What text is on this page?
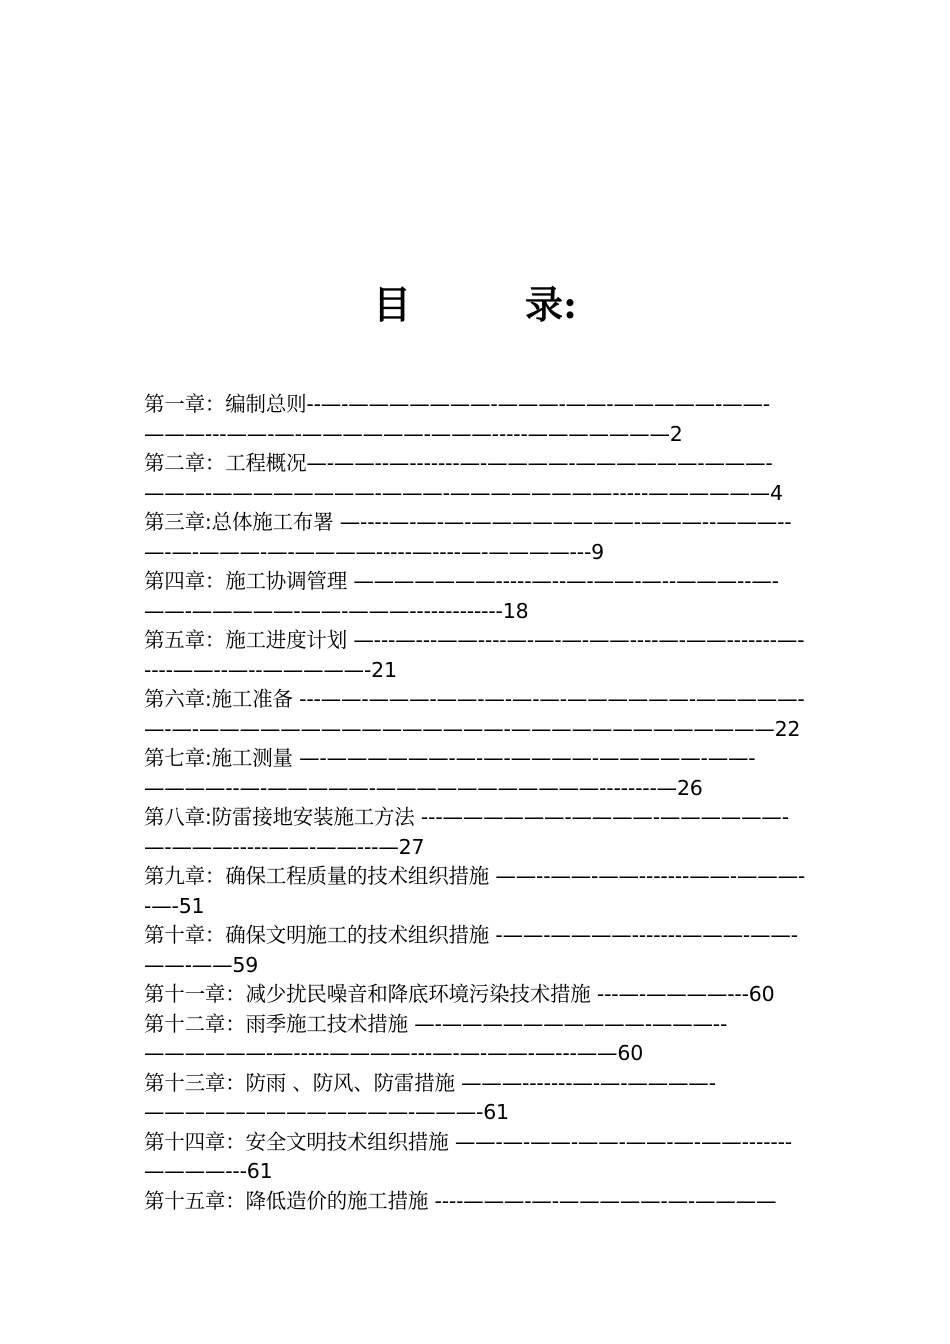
目　　　录:
第一章：编制总则--—-———————-———-——-—————-——-———---——-—-——————-———-----———————2
第二章：工程概况—-——--—-------—-————-——————-———-———-————————-———-————————-----——————4
第三章:总体施工布署 —----—-—-—-————————-———--———--—-—-———-—-————-----—----—-————---9
第四章：施工协调管理 ———————-----—--—-——-—--———--—-——-—————-——-———-------------18
第五章：施工进度计划 —---—---——----—-—-—-——----—-——-------—-----——--—--—————-21
第六章:施工准备 ---——-———-——-—-—-—-——————-—————-—-—-———————————————-—————————————22
第七章:施工测量 —-——————-—-—-————-—————-——-————--—-—————-———————————--------—26
第八章:防雷接地安装施工方法 ---——————-————-——————-—-———-----——-——---—27
第九章：确保工程质量的技术组织措施 ——--——-——-------——-———--—-51
第十章：确保文明施工的技术组织措施 -——-————-------———-——-——-——59
第十一章：减少扰民噪音和降底环境污染技术措施 ---—-————---60
第十二章：雨季施工技术措施 —-——————————-———--——————-—-----————---—-—-——-—---——60
第十三章：防雨 、防风、防雷措施 ———-------—-—-————-—————————————-———-61
第十四章：安全文明技术组织措施 ——-—-——-——-——-—-——-------————---61
第十五章：降低造价的施工措施 ----———-—-—————-—-————
